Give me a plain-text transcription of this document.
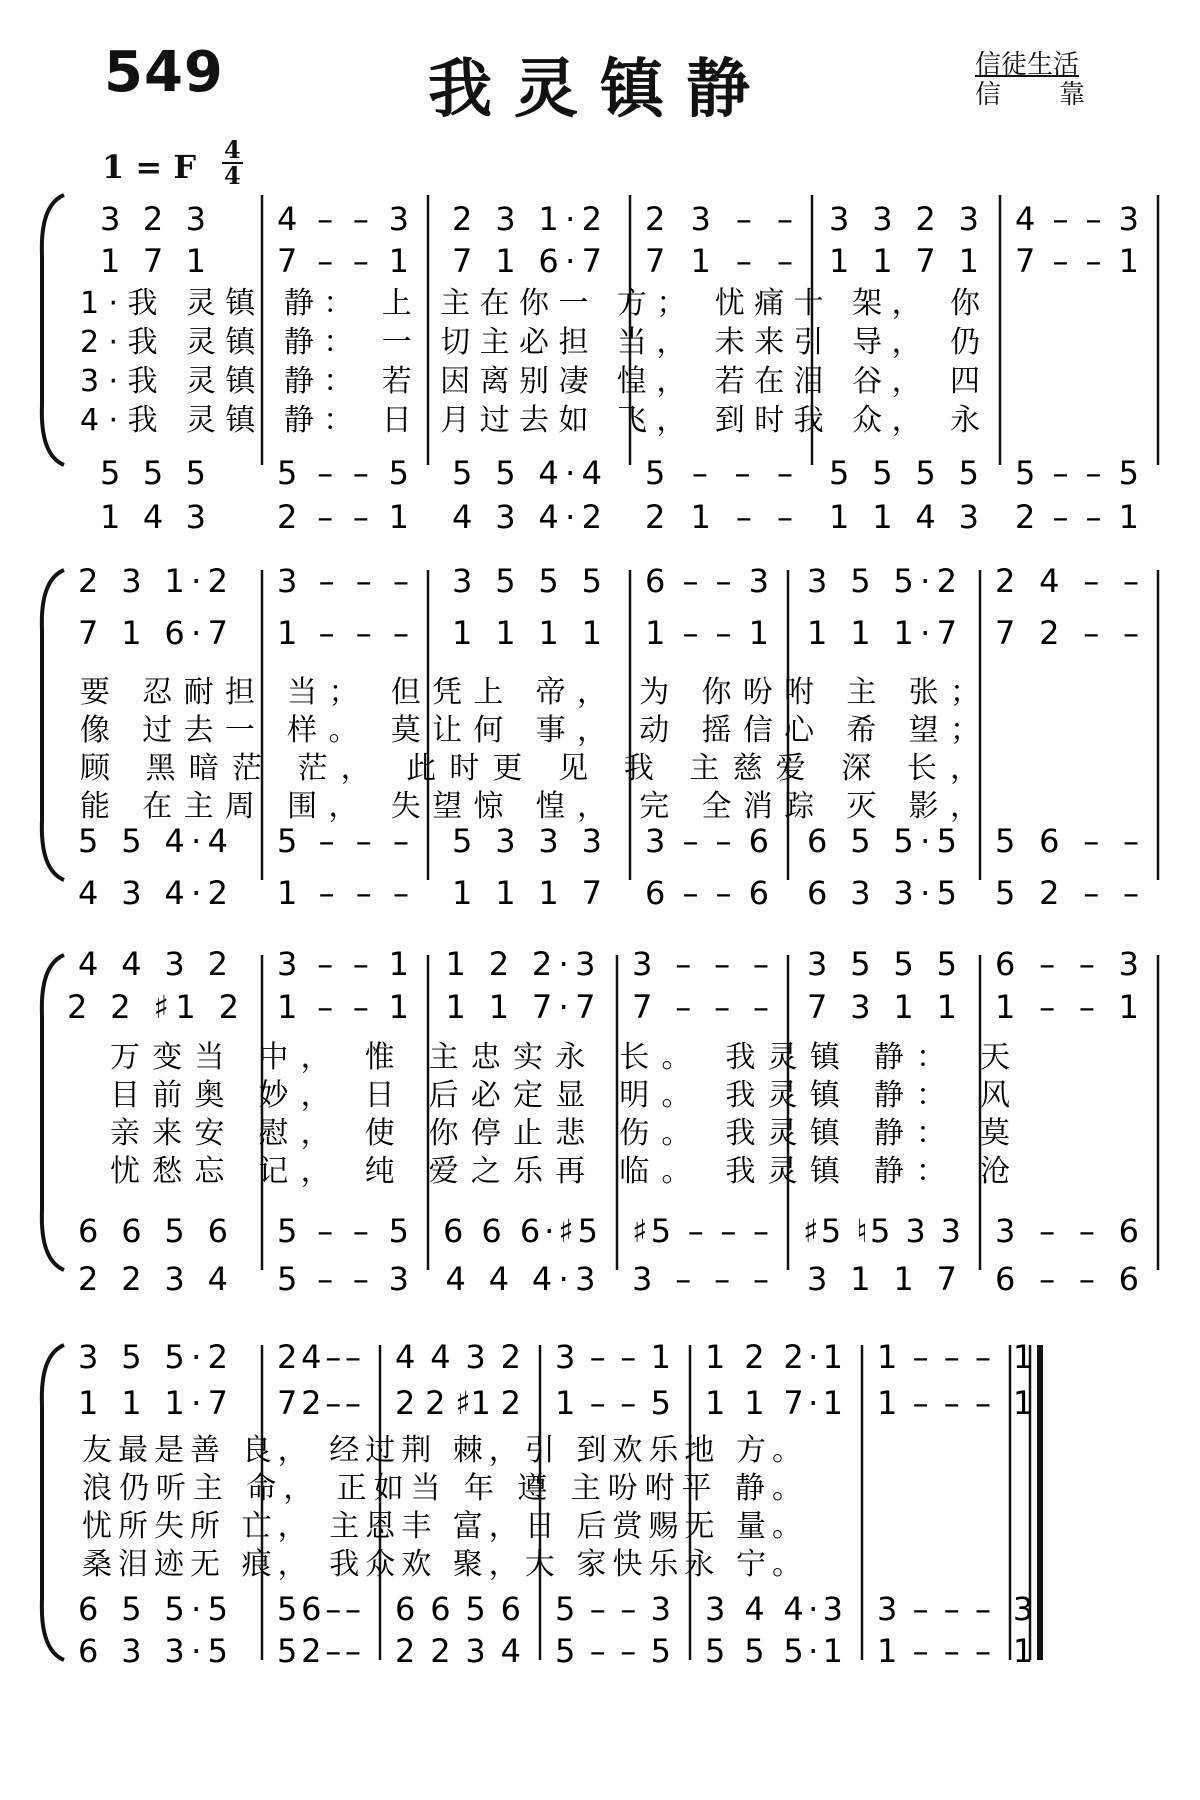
549	我灵镇静	信徒生活
信 靠
1 = F 4
4
3 2 3 4 – – 3 2 3 1·2 2 3 – – 3 3 2 3 4 – – 3
1 7 1 7 – – 1 7 1 6·7 7 1 – – 1 1 7 1 7 – – 1
5 5 5 5 – – 5 5 5 4·4 5 – – – 5 5 5 5 5 – – 5
1 4 3 2 – – 1 4 3 4·2 2 1 – – 1 1 4 3 2 – – 1
1·我 灵镇 静： 上 主在你一 方； 忧痛十 架， 你
2·我 灵镇 静： 一 切主必担 当， 未来引 导， 仍
3·我 灵镇 静： 若 因离别凄 惶， 若在泪 谷， 四
4·我 灵镇 静： 日 月过去如 飞， 到时我 众， 永
2 3 1·2 3 – – – 3 5 5 5 6 – – 3 3 5 5·2 2 4 – –
7 1 6·7 1 – – – 1 1 1 1 1 – – 1 1 1 1·7 7 2 – –
5 5 4·4 5 – – – 5 3 3 3 3 – – 6 6 5 5·5 5 6 – –
4 3 4·2 1 – – – 1 1 1 7 6 – – 6 6 3 3·5 5 2 – –
要 忍耐担 当； 但凭上 帝， 为 你吩咐 主 张；
像 过去一 样。 莫让何 事， 动 摇信心 希 望；
顾 黑暗茫 茫， 此时更 见 我 主慈爱 深 长，
能 在主周 围， 失望惊 惶， 完 全消踪 灭 影，
4 4 3 2 3 – – 1 1 2 2·3 3 – – – 3 5 5 5 6 – – 3
2 2 ♯1 2 1 – – 1 1 1 7·7 7 – – – 7 3 1 1 1 – – 1
6 6 5 6 5 – – 5 6 6 6·♯5 ♯5 – – – ♯5 ♮5 3 3 3 – – 6
2 2 3 4 5 – – 3 4 4 4·3 3 – – – 3 1 1 7 6 – – 6
万变当 中， 惟 主忠实永 长。 我灵镇 静： 天
目前奥 妙， 日 后必定显 明。 我灵镇 静： 风
亲来安 慰， 使 你停止悲 伤。 我灵镇 静： 莫
忧愁忘 记， 纯 爱之乐再 临。 我灵镇 静： 沧
3 5 5·2 2 4 – – 4 4 3 2 3 – – 1 1 2 2·1 1 – – – 1
1 1 1·7 7 2 – – 2 2 ♯1 2 1 – – 5 1 1 7·1 1 – – – 1
6 5 5·5 5 6 – – 6 6 5 6 5 – – 3 3 4 4·3 3 – – – 3
6 3 3·5 5 2 – – 2 2 3 4 5 – – 5 5 5 5·1 1 – – – 1
友最是善 良， 经过荆 棘，引 到欢乐地 方。
浪仍听主 命， 正如当 年 遵 主吩咐平 静。
忧所失所 亡， 主恩丰 富，日 后赏赐无 量。
桑泪迹无 痕， 我众欢 聚，大 家快乐永 宁。
